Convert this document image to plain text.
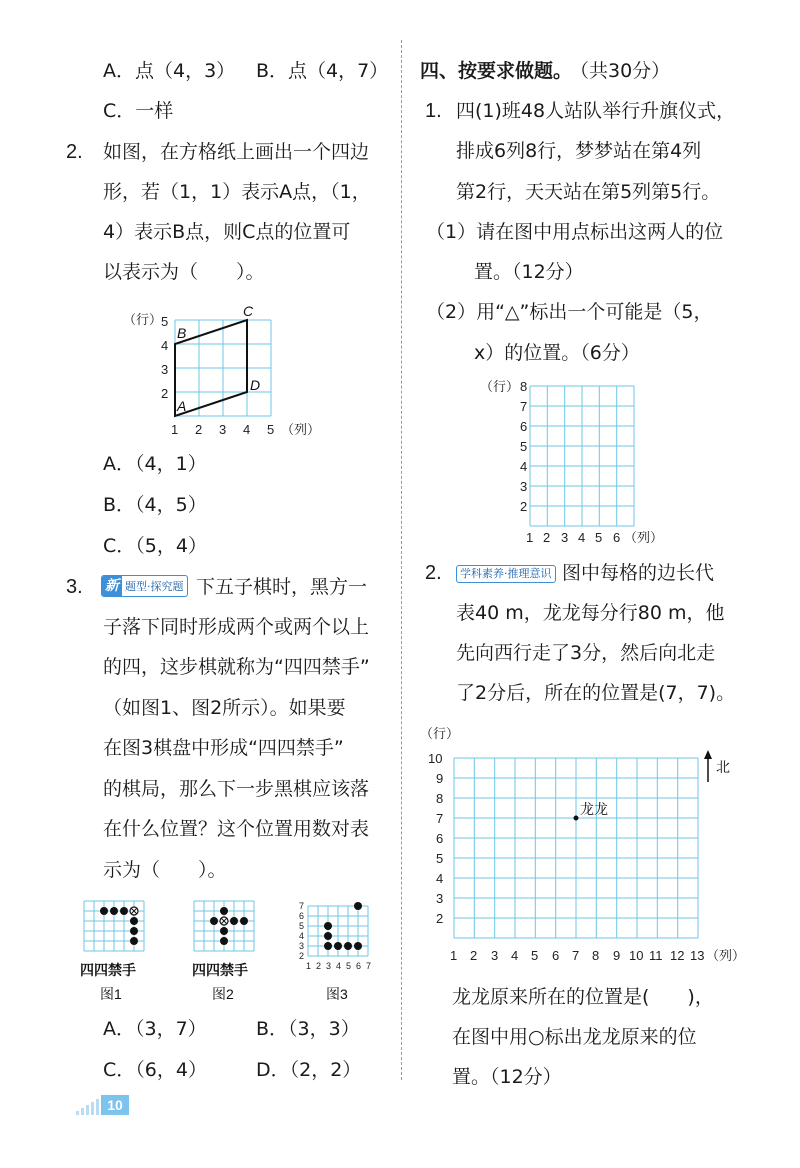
A．点（4，3） B．点（4，7）
C．一样
2. 如图，在方格纸上画出一个四边
形，若（1，1）表示A点，（1，
4）表示B点，则C点的位置可
以表示为（　　）。
（行）
5
4
3
2
1 2 3 4 5 （列）
A
B
C
D
A．（4，1）
B．（4，5）
C．（5，4）
3. 新 题型·探究题 下五子棋时，黑方一
子落下同时形成两个或两个以上
的四，这步棋就称为“四四禁手”
（如图1、图2所示）。如果要
在图3棋盘中形成“四四禁手”
的棋局，那么下一步黑棋应该落
在什么位置？这个位置用数对表
示为（　　）。
四四禁手
图1
四四禁手
图2
7
6
5
4
3
2
1 2 3 4 5 6 7
图3
A．（3，7）	B．（3，3）
C．（6，4）	D．（2，2）
10
四、按要求做题。
（共30分）
1. 四(1)班48人站队举行升旗仪式，
排成6列8行，梦梦站在第4列
第2行，天天站在第5列第5行。
（1）请在图中用点标出这两人的位
置。（12分）
（2）用“△”标出一个可能是（5，
x）的位置。（6分）
（行） 8
7
6
5
4
3
2
1 2 3 4 5 6 （列）
2.	学科素养·推理意识 图中每格的边长代
表40 m，龙龙每分行80 m，他
先向西行走了3分，然后向北走
了2分后，所在的位置是(7，7)。
（行）
10
9
8
7
6
5
4
3
2
1 2 3 4 5 6 7 8 9 10 11 12 13 （列）
北
龙龙
龙龙原来所在的位置是(　　)，
在图中用○标出龙龙原来的位
置。（12分）
